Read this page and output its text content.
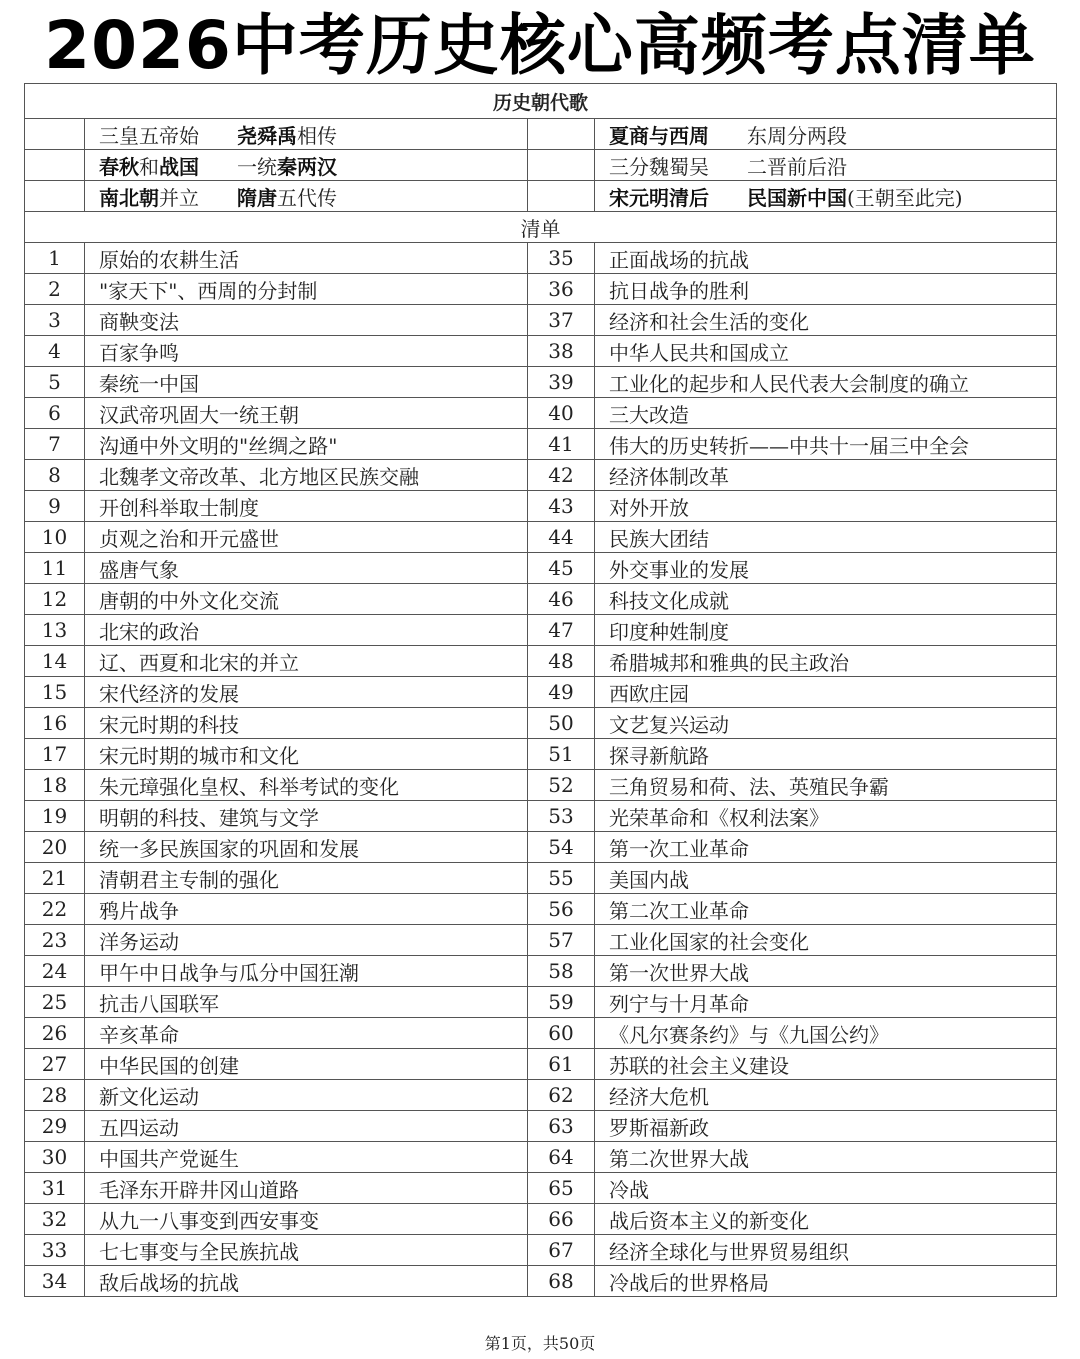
2026中考历史核心高频考点清单
历史朝代歌			
	三皇五帝始 尧舜禹相传		夏商与西周 东周分两段
	春秋和战国 一统秦两汉		三分魏蜀吴 二晋前后沿
	南北朝并立 隋唐五代传		宋元明清后 民国新中国(王朝至此完)
清单			
1	原始的农耕生活	35	正面战场的抗战
2	"家天下"、西周的分封制	36	抗日战争的胜利
3	商鞅变法	37	经济和社会生活的变化
4	百家争鸣	38	中华人民共和国成立
5	秦统一中国	39	工业化的起步和人民代表大会制度的确立
6	汉武帝巩固大一统王朝	40	三大改造
7	沟通中外文明的"丝绸之路"	41	伟大的历史转折——中共十一届三中全会
8	北魏孝文帝改革、北方地区民族交融	42	经济体制改革
9	开创科举取士制度	43	对外开放
10	贞观之治和开元盛世	44	民族大团结
11	盛唐气象	45	外交事业的发展
12	唐朝的中外文化交流	46	科技文化成就
13	北宋的政治	47	印度种姓制度
14	辽、西夏和北宋的并立	48	希腊城邦和雅典的民主政治
15	宋代经济的发展	49	西欧庄园
16	宋元时期的科技	50	文艺复兴运动
17	宋元时期的城市和文化	51	探寻新航路
18	朱元璋强化皇权、科举考试的变化	52	三角贸易和荷、法、英殖民争霸
19	明朝的科技、建筑与文学	53	光荣革命和《权利法案》
20	统一多民族国家的巩固和发展	54	第一次工业革命
21	清朝君主专制的强化	55	美国内战
22	鸦片战争	56	第二次工业革命
23	洋务运动	57	工业化国家的社会变化
24	甲午中日战争与瓜分中国狂潮	58	第一次世界大战
25	抗击八国联军	59	列宁与十月革命
26	辛亥革命	60	《凡尔赛条约》与《九国公约》
27	中华民国的创建	61	苏联的社会主义建设
28	新文化运动	62	经济大危机
29	五四运动	63	罗斯福新政
30	中国共产党诞生	64	第二次世界大战
31	毛泽东开辟井冈山道路	65	冷战
32	从九一八事变到西安事变	66	战后资本主义的新变化
33	七七事变与全民族抗战	67	经济全球化与世界贸易组织
34	敌后战场的抗战	68	冷战后的世界格局
第1页，共50页
